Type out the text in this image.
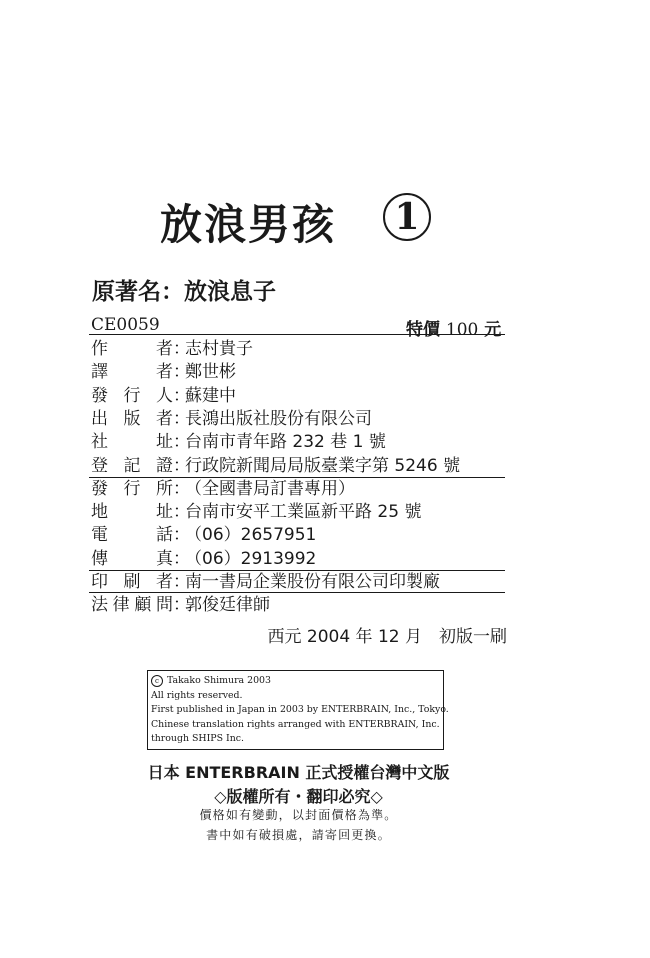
放浪男孩	1
原著名：放浪息子
CE0059	特價 100 元
作者：志村貴子
譯者：鄭世彬
發行人：蘇建中
出版者：長鴻出版社股份有限公司
社址：台南市青年路 232 巷 1 號
登記證：行政院新聞局局版臺業字第 5246 號
發行所：（全國書局訂書專用）
地址：台南市安平工業區新平路 25 號
電話：（06）2657951
傳真：（06）2913992
印刷者：南一書局企業股份有限公司印製廠
法律顧問：郭俊廷律師
西元 2004 年 12 月　初版一刷
c Takako Shimura 2003
All rights reserved.
First published in Japan in 2003 by ENTERBRAIN, Inc., Tokyo.
Chinese translation rights arranged with ENTERBRAIN, Inc.
through SHIPS Inc.
日本 ENTERBRAIN 正式授權台灣中文版
◇版權所有・翻印必究◇
價格如有變動，以封面價格為準。
書中如有破損處，請寄回更換。
